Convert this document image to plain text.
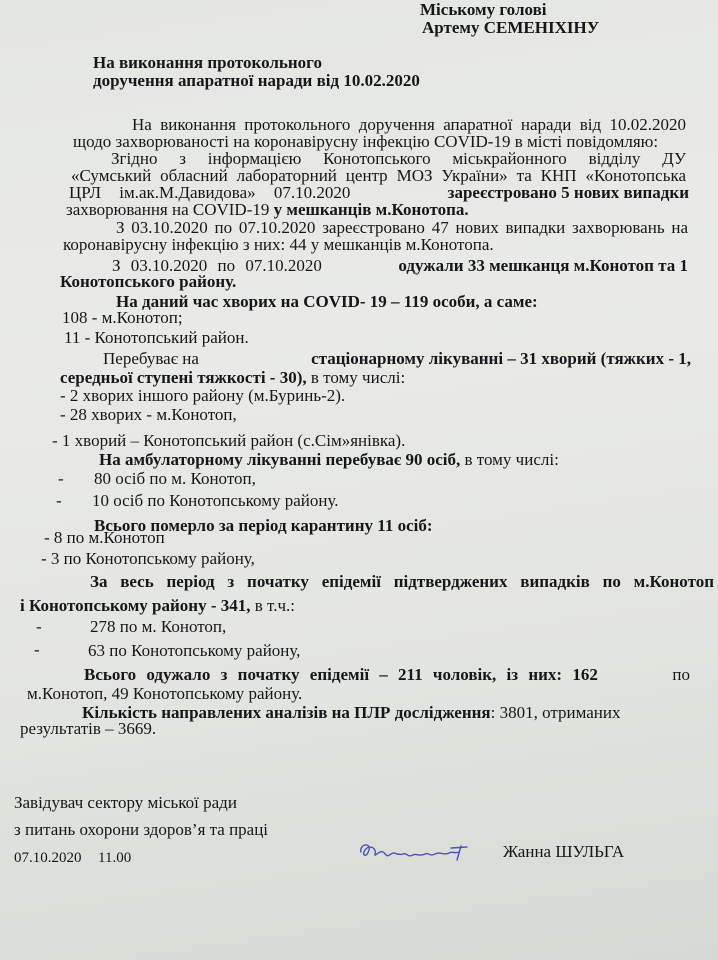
Міському голові
Артему СЕМЕНІХІНУ
На виконання протокольного
доручення апаратної наради від 10.02.2020
На виконання протокольного доручення апаратної наради від 10.02.2020
щодо захворюваності на коронавірусну інфекцію COVID-19 в місті повідомляю:
Згідно з інформацією Конотопського міськрайонного відділу ДУ
«Сумський обласний лабораторний центр МОЗ України» та КНП «Конотопська
ЦРЛ ім.ак.М.Давидова» 07.10.2020	зареєстровано 5 нових випадки
захворювання на COVID-19 у мешканців м.Конотопа.
З 03.10.2020 по 07.10.2020 зареєстровано 47 нових випадки захворювань на
коронавірусну інфекцію з них: 44 у мешканців м.Конотопа.
З 03.10.2020 по 07.10.2020	одужали 33 мешканця м.Конотоп та 1
Конотопського району.
На даний час хворих на COVID- 19 – 119 особи, а саме:
108 - м.Конотоп;
11 - Конотопський район.
Перебуває на	стаціонарному лікуванні – 31 хворий (тяжких - 1,
середньої ступені тяжкості - 30), в тому числі:
- 2 хворих іншого району (м.Буринь-2).
- 28 хворих - м.Конотоп,
- 1 хворий – Конотопський район (с.Сім»янівка).
На амбулаторному лікуванні перебуває 90 осіб, в тому числі:
- 80 осіб по м. Конотоп,
- 10 осіб по Конотопському району.
Всього померло за період карантину 11 осіб:
- 8 по м.Конотоп
- 3 по Конотопському району,
За весь період з початку епідемії підтверджених випадків по м.Конотоп
і Конотопському району - 341, в т.ч.:
-	278 по м. Конотоп,
-	63 по Конотопському району,
Всього одужало з початку епідемії – 211 чоловік, із них: 162	по
м.Конотоп, 49 Конотопському району.
Кількість направлених аналізів на ПЛР дослідження: 3801, отриманих
результатів – 3669.
Завідувач сектору міської ради
з питань охорони здоров’я та праці
Жанна ШУЛЬГА
07.10.2020 11.00
